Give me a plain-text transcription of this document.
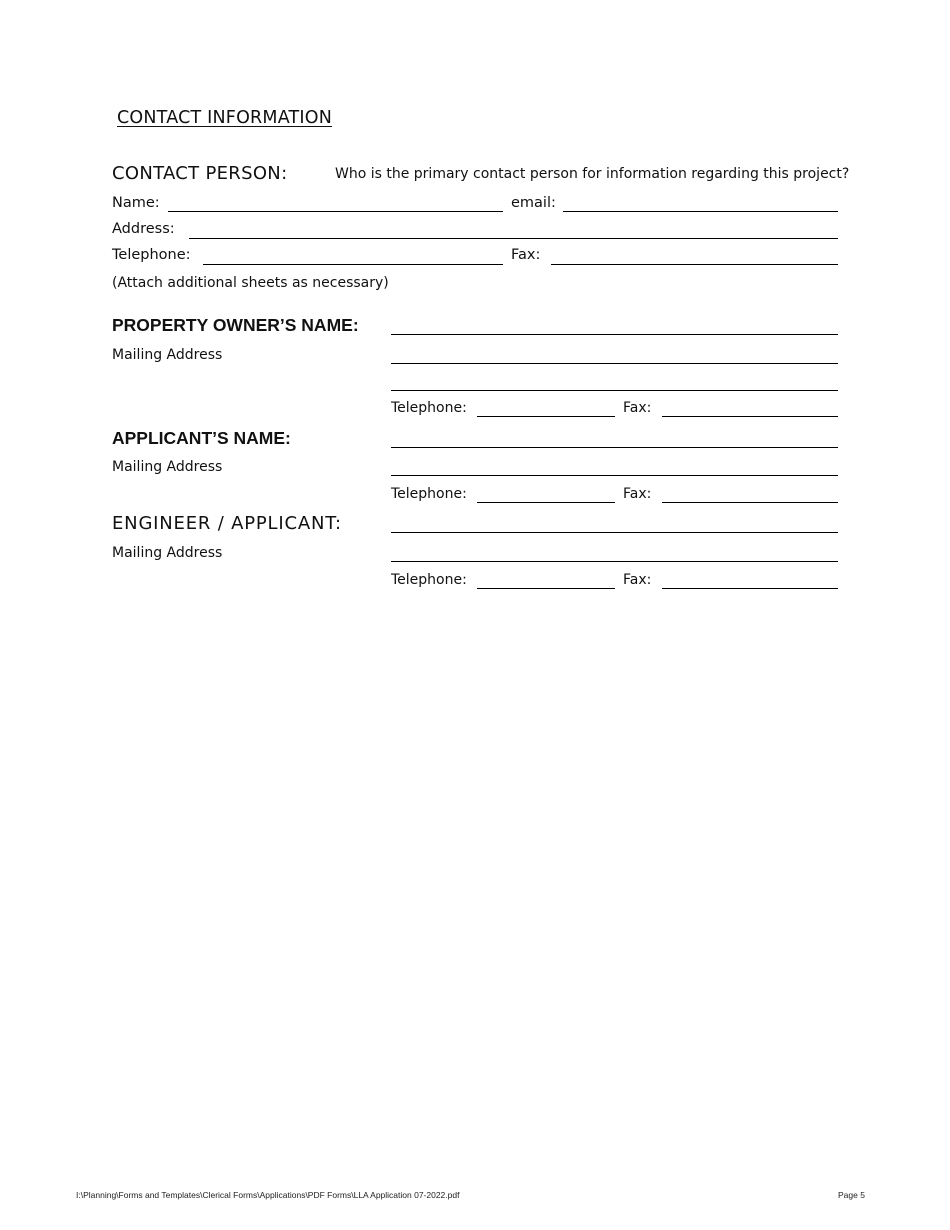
CONTACT INFORMATION
CONTACT PERSON:	Who is the primary contact person for information regarding this project?
Name:	email:
Address:
Telephone:	Fax:
(Attach additional sheets as necessary)
PROPERTY OWNER’S NAME:
Mailing Address
Telephone:	Fax:
APPLICANT’S NAME:
Mailing Address
Telephone:	Fax:
ENGINEER / APPLICANT:
Mailing Address
Telephone:	Fax:
I:\Planning\Forms and Templates\Clerical Forms\Applications\PDF Forms\LLA Application 07-2022.pdf	Page 5
